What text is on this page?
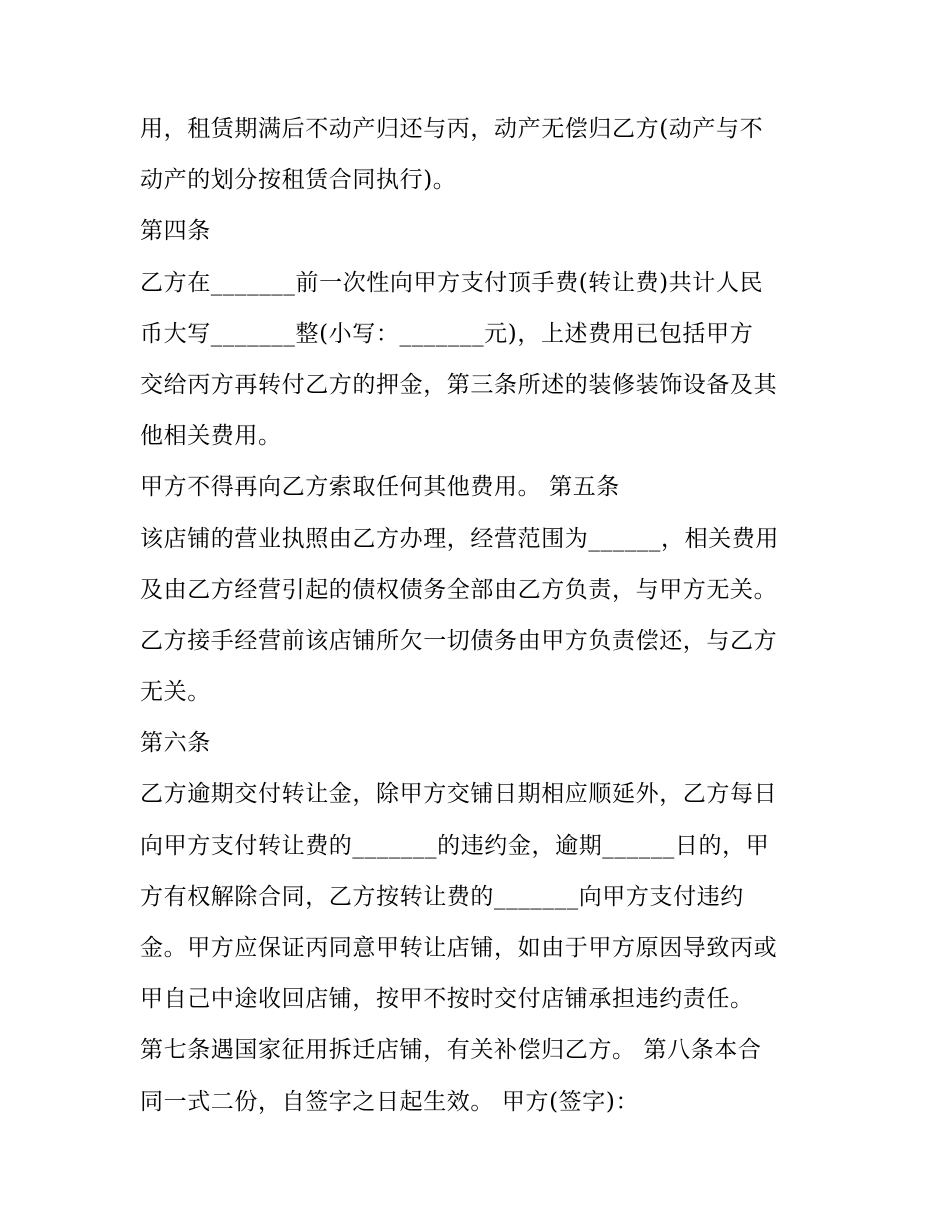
用，租赁期满后不动产归还与丙，动产无偿归乙方(动产与不
动产的划分按租赁合同执行)。
第四条
乙方在_______前一次性向甲方支付顶手费(转让费)共计人民
币大写_______整(小写：_______元)，上述费用已包括甲方
交给丙方再转付乙方的押金，第三条所述的装修装饰设备及其
他相关费用。
甲方不得再向乙方索取任何其他费用。 第五条
该店铺的营业执照由乙方办理，经营范围为______，相关费用
及由乙方经营引起的债权债务全部由乙方负责，与甲方无关。
乙方接手经营前该店铺所欠一切债务由甲方负责偿还，与乙方
无关。
第六条
乙方逾期交付转让金，除甲方交铺日期相应顺延外，乙方每日
向甲方支付转让费的_______的违约金，逾期______日的，甲
方有权解除合同，乙方按转让费的_______向甲方支付违约
金。甲方应保证丙同意甲转让店铺，如由于甲方原因导致丙或
甲自己中途收回店铺，按甲不按时交付店铺承担违约责任。
第七条遇国家征用拆迁店铺，有关补偿归乙方。 第八条本合
同一式二份，自签字之日起生效。 甲方(签字)：
